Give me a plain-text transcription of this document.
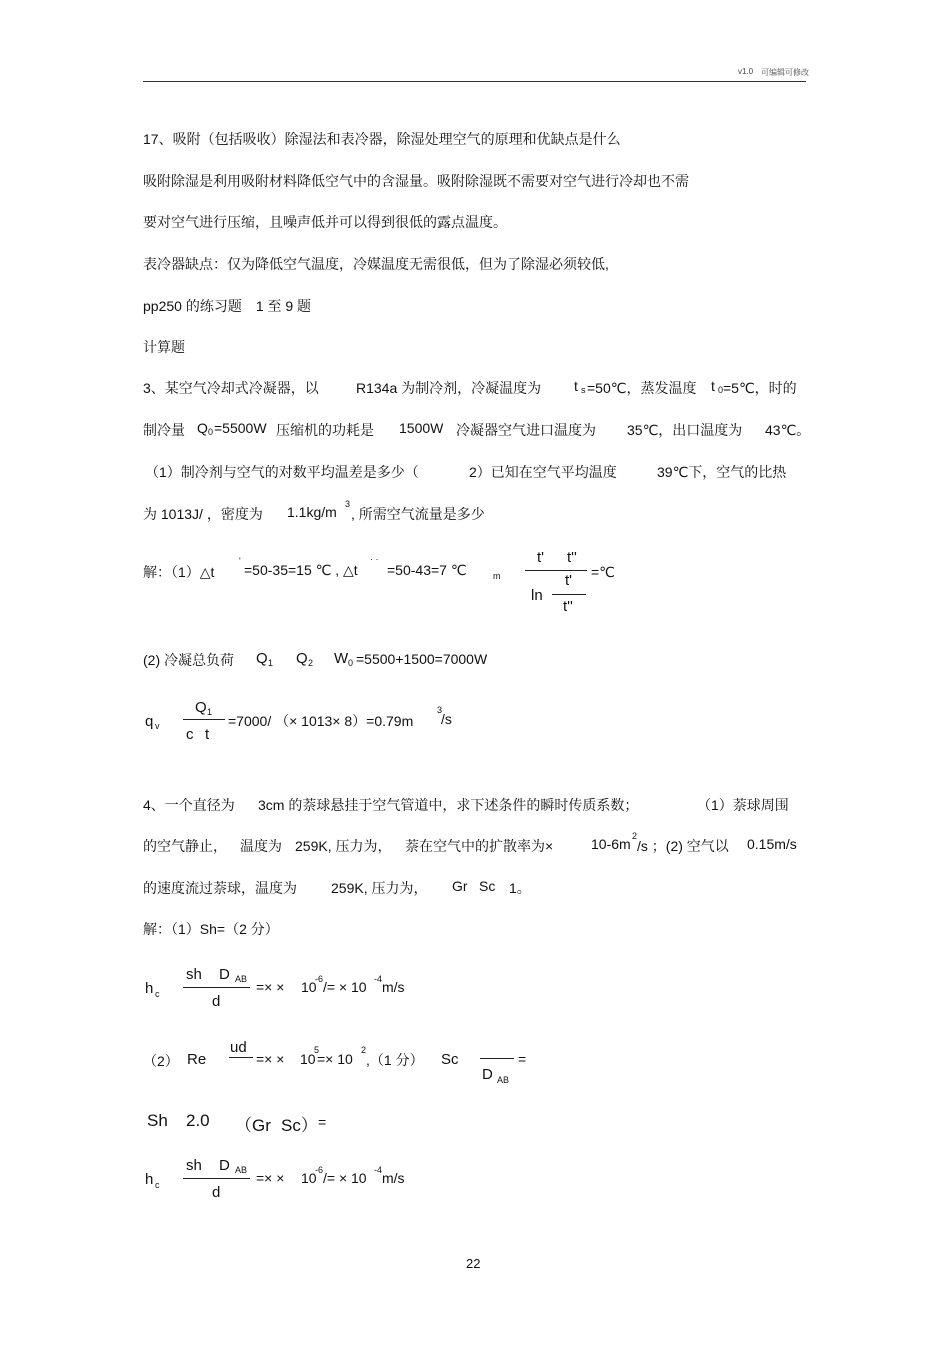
v1.0 可编辑可修改
17、吸附（包括吸收）除湿法和表冷器，除湿处理空气的原理和优缺点是什么
吸附除湿是利用吸附材料降低空气中的含湿量。吸附除湿既不需要对空气进行冷却也不需
要对空气进行压缩，且噪声低并可以得到很低的露点温度。
表冷器缺点：仅为降低空气温度，冷媒温度无需很低，但为了除湿必须较低,
pp250 的练习题　1 至 9 题
计算题
3、某空气冷却式冷凝器，以	R134a 为制冷剂，冷凝温度为 t s =50℃，蒸发温度 t 0 =5℃，时的
制冷量 Q 0 =5500W 压缩机的功耗是 1500W 冷凝器空气进口温度为 35℃，出口温度为 43℃。
（1）制冷剂与空气的对数平均温差是多少（	2）已知在空气平均温度	39℃下，空气的比热
为 1013J/ ，密度为 1.1kg/m 3
, 所需空气流量是多少
解：（1）△t
'
=50-35=15 ℃ , △t
· ·
=50-43=7 ℃	m
t' t''
ln
t'
t''
=℃
(2) 冷凝总负荷 Q 1 Q 2 W 0 =5500+1500=7000W
q v
Q 1
c t
=7000/ （× 1013× 8）=0.79m
3
/s
4、一个直径为 3cm 的萘球悬挂于空气管道中，求下述条件的瞬时传质系数；	（1）萘球周围
的空气静止， 温度为 259K, 压力为， 萘在空气中的扩散率为×	10-6m 2
/s ；(2) 空气以 0.15m/s
的速度流过萘球，温度为 259K, 压力为， Gr Sc 1。
解：（1）Sh=（2 分）
h c
sh D AB
d
=× × 10
-6 /= × 10 -4 m/s
（2） Re
ud
=× × 10
5
=× 10
2
,（1 分） Sc
D AB
=
Sh 2.0 （Gr Sc） =
h c
sh D AB
d
=× × 10
-6 /= × 10 -4 m/s
22
